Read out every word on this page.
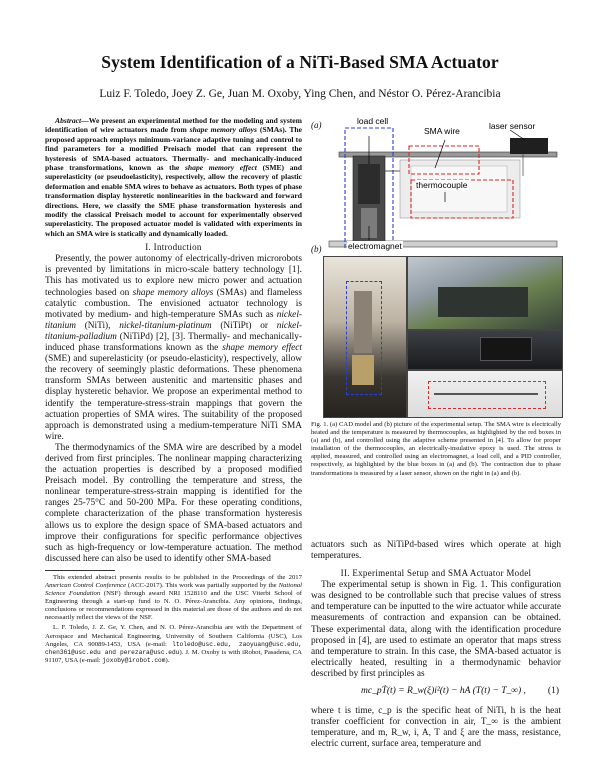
System Identification of a NiTi-Based SMA Actuator
Luiz F. Toledo, Joey Z. Ge, Juan M. Oxoby, Ying Chen, and Néstor O. Pérez-Arancibia

Abstract—We present an experimental method for the modeling and system identification of wire actuators made from shape memory alloys (SMAs). The proposed approach employs minimum-variance adaptive tuning and control to find parameters for a modified Preisach model that can represent the hysteresis of SMA-based actuators. Thermally- and mechanically-induced phase transformations, known as the shape memory effect (SME) and superelasticity (or pseudoelasticity), respectively, allow the recovery of plastic deformation and enable SMA wires to behave as actuators. Both types of phase transformation display hysteretic nonlinearities in the backward and forward directions. Here, we classify the SME phase transformation hysteresis and modify the classical Preisach model to account for experimentally observed superelasticity. The proposed actuator model is validated with experiments in which an SMA wire is statically and dynamically loaded.

I. Introduction

Presently, the power autonomy of electrically-driven microrobots is prevented by limitations in micro-scale battery technology [1]. This has motivated us to explore new micro power and actuation technologies based on shape memory alloys (SMAs) and flameless catalytic combustion. The envisioned actuator technology is motivated by medium- and high-temperature SMAs such as nickel-titanium (NiTi), nickel-titanium-platinum (NiTiPt) or nickel-titanium-palladium (NiTiPd) [2], [3]. Thermally- and mechanically-induced phase transformations known as the shape memory effect (SME) and superelasticity (or pseudo-elasticity), respectively, allow the recovery of seemingly plastic deformations. These phenomena transform SMAs between austenitic and martensitic phases and display hysteretic behavior. We propose an experimental method to identify the temperature-stress-strain mappings that govern the actuation properties of SMA wires. The suitability of the proposed approach is demonstrated using a medium-temperature NiTi SMA wire.

The thermodynamics of the SMA wire are described by a model derived from first principles. The nonlinear mapping characterizing the actuation properties is described by a proposed modified Preisach model. By controlling the temperature and stress, the nonlinear temperature-stress-strain mapping is identified for the ranges 25-75°C and 50-200 MPa. For these operating conditions, complete characterization of the phase transformation hysteresis allows us to explore the design space of SMA-based actuators and improve their configurations for specific performance objectives such as high-frequency or low-temperature actuation. The method discussed here can also be used to identify other SMA-based

This extended abstract presents results to be published in the Proceedings of the 2017 American Control Conference (ACC-2017). This work was partially supported by the National Science Foundation (NSF) through award NRI 1528110 and the USC Viterbi School of Engineering through a start-up fund to N. O. Pérez-Arancibia. Any opinions, findings, conclusions or recommendations expressed in this material are those of the authors and do not necessarily reflect the views of the NSF.

L. F. Toledo, J. Z. Ge, Y. Chen, and N. O. Pérez-Arancibia are with the Department of Aerospace and Mechanical Engineering, University of Southern California (USC), Los Angeles, CA 90089-1453, USA (e-mail: ltoledo@usc.edu, zaoyuang@usc.edu, chen361@usc.edu and perezara@usc.edu). J. M. Oxoby is with iRobot, Pasadena, CA 91107, USA (e-mail: joxoby@irobot.com).

(a)	load cell
SMA wire	laser sensor
thermocouple
electromagnet
(b)
Fig. 1. (a) CAD model and (b) picture of the experimental setup. The SMA wire is electrically heated and the temperature is measured by thermocouples, as highlighted by the red boxes in (a) and (b), and controlled using the adaptive scheme presented in [4]. To allow for proper installation of the thermocouples, an electrically-insulative epoxy is used. The stress is applied, measured, and controlled using an electromagnet, a load cell, and a PID controller, respectively, as highlighted by the blue boxes in (a) and (b). The contraction due to phase transformations is measured by a laser sensor, shown on the right in (a) and (b).

actuators such as NiTiPd-based wires which operate at high temperatures.

II. Experimental Setup and SMA Actuator Model

The experimental setup is shown in Fig. 1. This configuration was designed to be controllable such that precise values of stress and temperature can be inputted to the wire actuator while accurate measurements of contraction and expansion can be obtained. These experimental data, along with the identification procedure proposed in [4], are used to estimate an operator that maps stress and temperature to strain. In this case, the SMA-based actuator is electrically heated, resulting in a thermodynamic behavior described by first principles as

mc_pṪ(t) = R_w(ξ)i²(t) − hA (T(t) − T_∞) , (1)

where t is time, c_p is the specific heat of NiTi, h is the heat transfer coefficient for convection in air, T_∞ is the ambient temperature, and m, R_w, i, A, T and ξ are the mass, resistance, electric current, surface area, temperature and
